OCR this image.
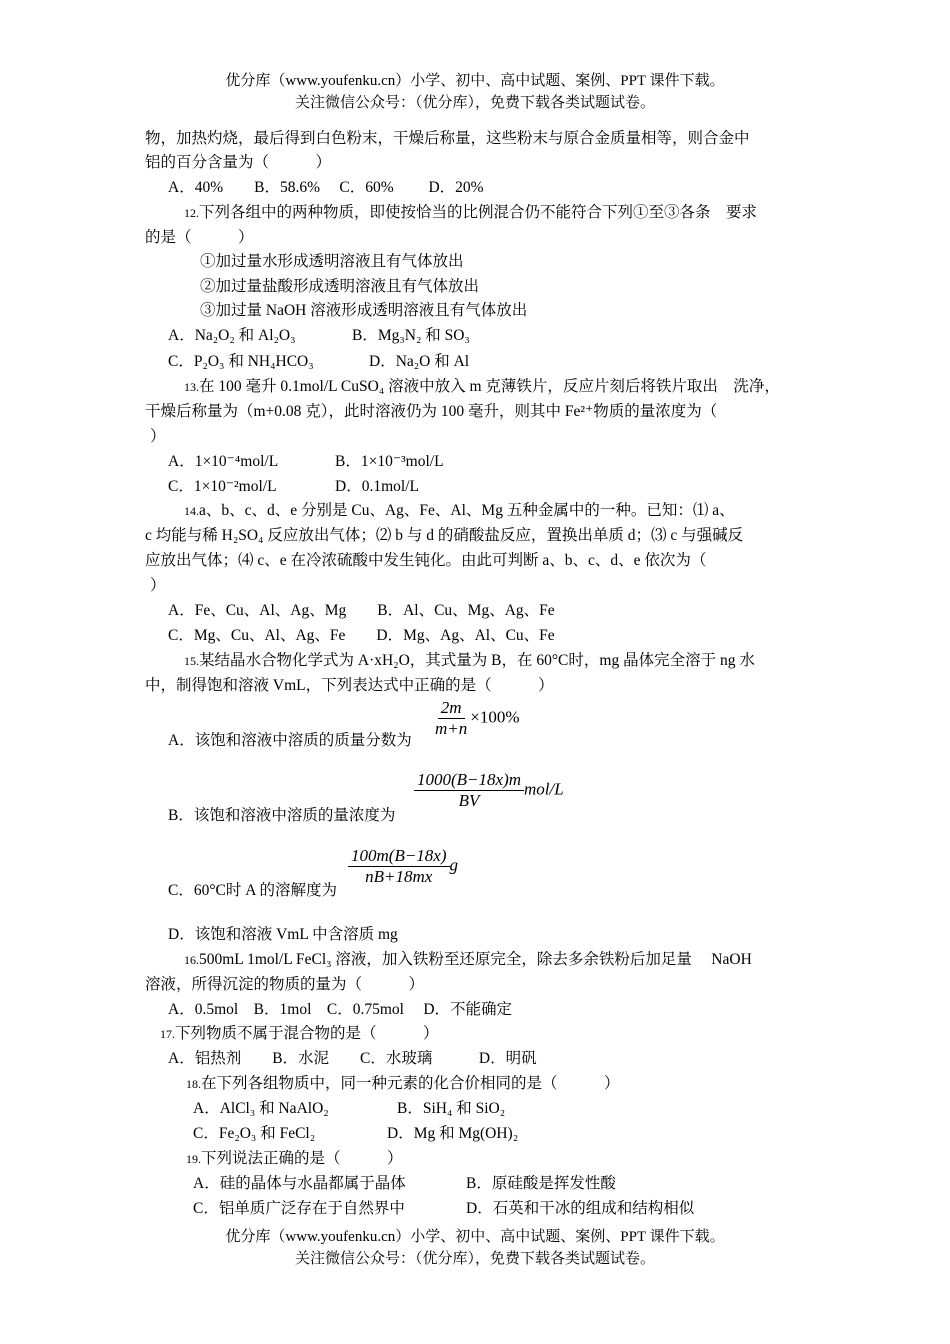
优分库（www.youfenku.cn）小学、初中、高中试题、案例、PPT 课件下载。
关注微信公众号：（优分库），免费下载各类试题试卷。
物，加热灼烧，最后得到白色粉末，干燥后称量，这些粉末与原合金质量相等，则合金中
铝的百分含量为（　　　）
A．40%　　B．58.6%　 C．60%　　 D．20%
12.下列各组中的两种物质，即使按恰当的比例混合仍不能符合下列①至③各条　要求
的是（　　　）
①加过量水形成透明溶液且有气体放出
②加过量盐酸形成透明溶液且有气体放出
③加过量 NaOH 溶液形成透明溶液且有气体放出
A．Na₂O₂ 和 Al₂O₃	B．Mg₃N₂ 和 SO₃
C．P₂O₃ 和 NH₄HCO₃	D．Na₂O 和 Al
13.在 100 毫升 0.1mol/L CuSO₄ 溶液中放入 m 克薄铁片，反应片刻后将铁片取出　洗净，
干燥后称量为（m+0.08 克），此时溶液仍为 100 毫升，则其中 Fe²⁺物质的量浓度为（
）
A．1×10⁻⁴mol/L	B．1×10⁻³mol/L
C．1×10⁻²mol/L	D．0.1mol/L
14.a、b、c、d、e 分别是 Cu、Ag、Fe、Al、Mg 五种金属中的一种。已知：⑴ a、
c 均能与稀 H₂SO₄ 反应放出气体；⑵ b 与 d 的硝酸盐反应，置换出单质 d；⑶ c 与强碱反
应放出气体；⑷ c、e 在冷浓硫酸中发生钝化。由此可判断 a、b、c、d、e 依次为（
）
A．Fe、Cu、Al、Ag、Mg　　B．Al、Cu、Mg、Ag、Fe
C．Mg、Cu、Al、Ag、Fe　　D．Mg、Ag、Al、Cu、Fe
15.某结晶水合物化学式为 A·xH₂O，其式量为 B，在 60°C时，mg 晶体完全溶于 ng 水
中，制得饱和溶液 VmL，下列表达式中正确的是（　　　）
A．该饱和溶液中溶质的质量分数为
$\frac{2m}{m+n} \times 100\%$
B．该饱和溶液中溶质的量浓度为
$\frac{1000(B-18x)m}{BV} mol/L$
C．60°C时 A 的溶解度为
$\frac{100m(B-18x)}{nB+18mx}$ g
D．该饱和溶液 VmL 中含溶质 mg
16.500mL 1mol/L FeCl₃ 溶液，加入铁粉至还原完全，除去多余铁粉后加足量　 NaOH
溶液，所得沉淀的物质的量为（　　　）
A．0.5mol　B．1mol　C．0.75mol　 D．不能确定
17.下列物质不属于混合物的是（　　　）
A．铝热剂　　B．水泥　　C．水玻璃　　　D．明矾
18.在下列各组物质中，同一种元素的化合价相同的是（　　　）
A．AlCl₃ 和 NaAlO₂	B．SiH₄ 和 SiO₂
C．Fe₂O₃ 和 FeCl₂	D．Mg 和 Mg(OH)₂
19.下列说法正确的是（　　　）
A．硅的晶体与水晶都属于晶体	B．原硅酸是挥发性酸
C．铝单质广泛存在于自然界中	D．石英和干冰的组成和结构相似
优分库（www.youfenku.cn）小学、初中、高中试题、案例、PPT 课件下载。
关注微信公众号：（优分库），免费下载各类试题试卷。
